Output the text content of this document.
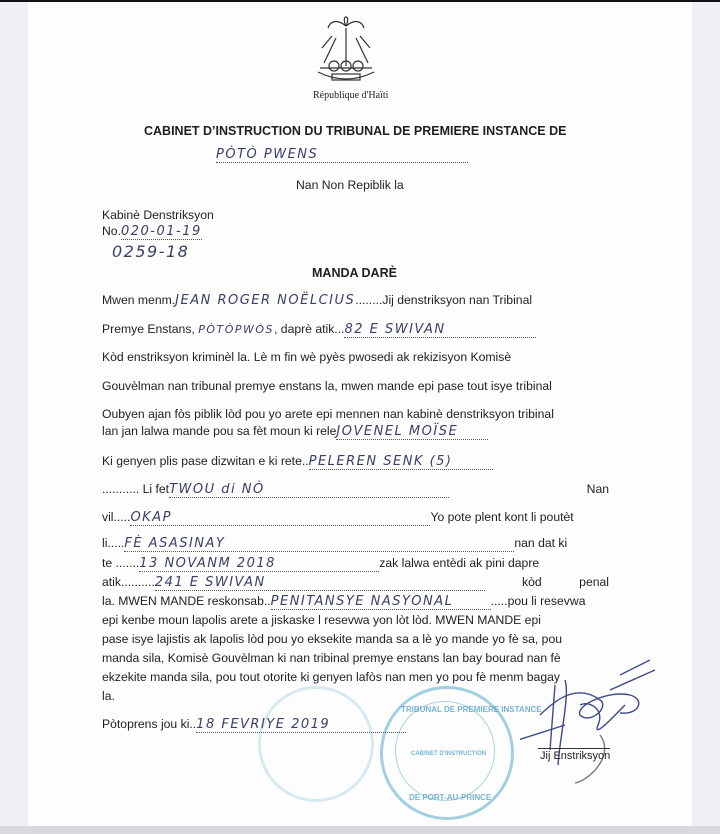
République d'Haïti
CABINET D’INSTRUCTION DU TRIBUNAL DE PREMIERE INSTANCE DE
PÒTÒ PWENS
Nan Non Repiblik la
Kabinè Denstriksyon
No.020-01-19
0259-18
MANDA DARÈ
Mwen menm.JEAN ROGER NOËLCIUS........Jij denstriksyon nan Tribinal
Premye Enstans, PÒTÒPWÒS, daprè atik...82 E SWIVAN
Kòd enstriksyon kriminèl la. Lè m fin wè pyès pwosedi ak rekizisyon Komisè
Gouvèlman nan tribunal premye enstans la, mwen mande epi pase tout isye tribinal
Oubyen ajan fòs piblik lòd pou yo arete epi mennen nan kabinè denstriksyon tribinal
lan jan lalwa mande pou sa fèt moun ki releJOVENEL MOÏSE
Ki genyen plis pase dizwitan e ki rete..PELEREN SENK (5)
........... Li fetTWOU di NÒ	Nan
vil.....OKAP	Yo pote plent kont li poutèt
li.....FÈ ASASINAY	nan dat ki
te .......13 NOVANM 2018	zak lalwa entèdi ak pini dapre
atik..........241 E SWIVAN	kòd	penal
la. MWEN MANDE reskonsab..PENITANSYE NASYONAL	.....pou li resevwa
epi kenbe moun lapolis arete a jiskaske l resevwa yon lòt lòd. MWEN MANDE epi
pase isye lajistis ak lapolis lòd pou yo eksekite manda sa a lè yo mande yo fè sa, pou
manda sila, Komisè Gouvèlman ki nan tribinal premye enstans lan bay bourad nan fè
ekzekite manda sila, pou tout otorite ki genyen lafòs nan men yo pou fè menm bagay
la.
TRIBUNAL DE PREMIERE INSTANCE
CABINET D'INSTRUCTION
DE PORT-AU-PRINCE
Pòtoprens jou ki..18 FEVRIYE 2019
Jij Enstriksyon
